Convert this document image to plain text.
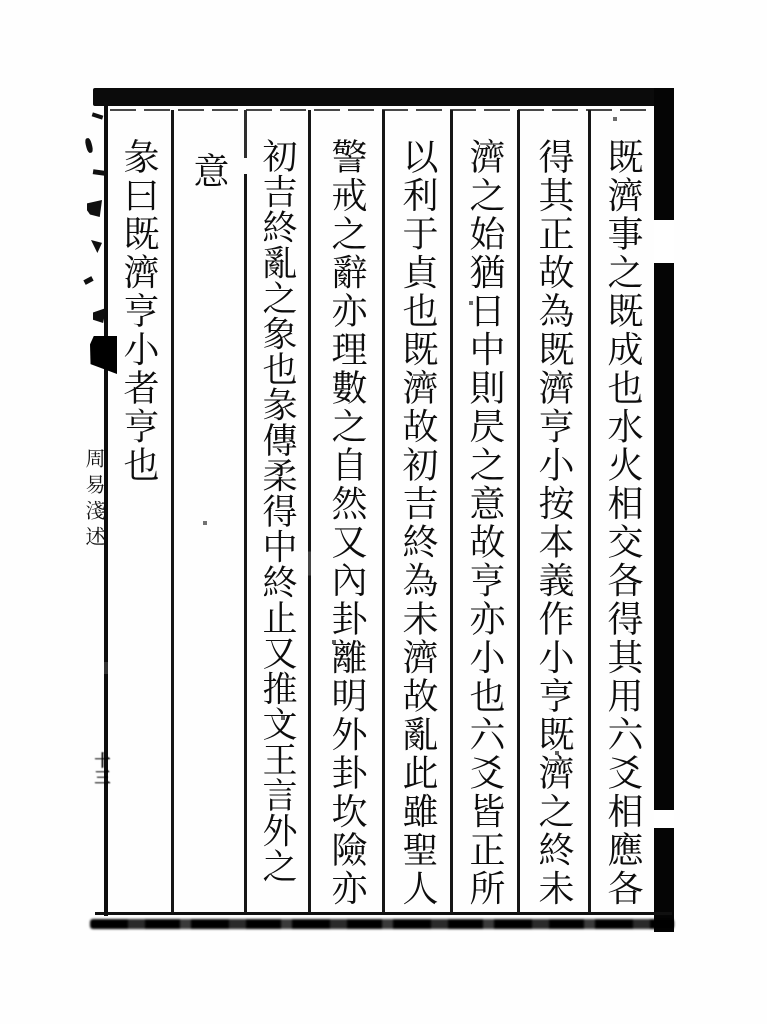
既濟事之既成也水火相交各得其用六爻相應各
得其正故為既濟亨小按本義作小亨既濟之終未
濟之始猶日中則昃之意故亨亦小也六爻皆正所
以利于貞也既濟故初吉終為未濟故亂此雖聖人
警戒之辭亦理數之自然又內卦離明外卦坎險亦
初吉終亂之象也彖傳柔得中終止又推文王言外之
意
彖曰既濟亨小者亨也
周易淺述
十三
